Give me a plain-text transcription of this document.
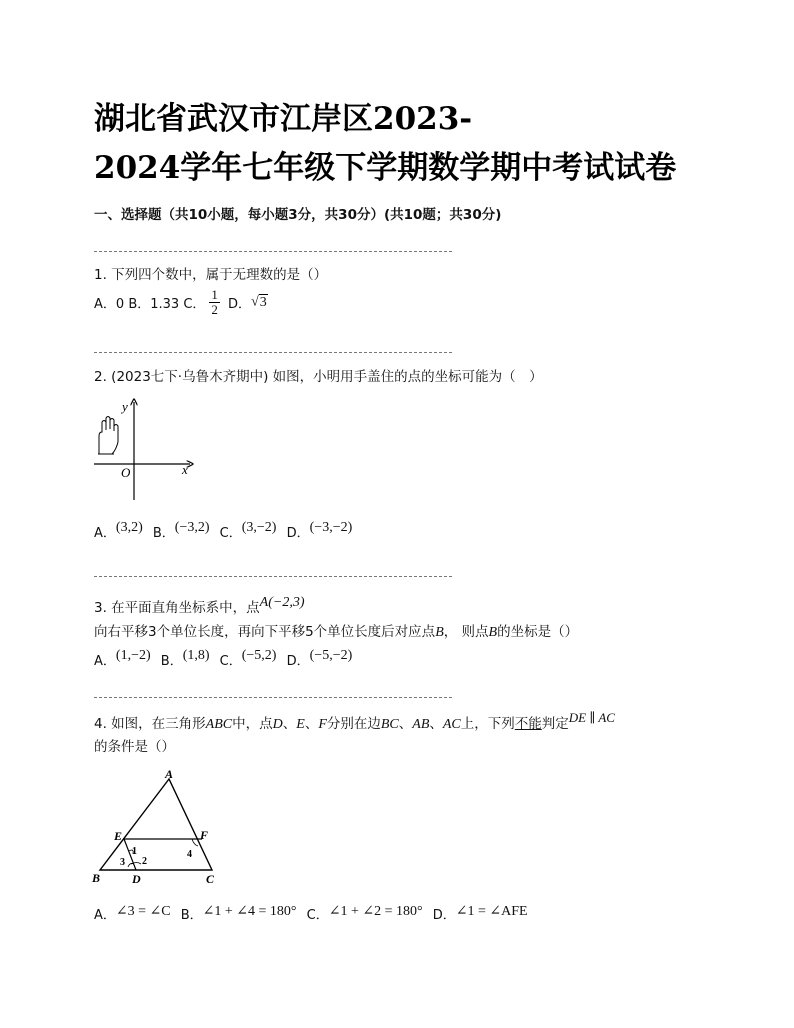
湖北省武汉市江岸区2023-
2024学年七年级下学期数学期中考试试卷
一、选择题（共10小题，每小题3分，共30分）(共10题；共30分)
1. 下列四个数中，属于无理数的是（）
A．0 B．1.33 C． $\frac{1}{2}$ D．√3
2. (2023七下·乌鲁木齐期中) 如图，小明用手盖住的点的坐标可能为（　）
y
x
O
A．(3,2) B．(−3,2) C．(3,−2) D．(−3,−2)
3. 在平面直角坐标系中，点A(−2,3)
向右平移3个单位长度，再向下平移5个单位长度后对应点B， 则点B的坐标是（）
A．(1,−2) B．(1,8) C．(−5,2) D．(−5,−2)
4. 如图，在三角形ABC中，点D、E、F分别在边BC、AB、AC上，下列不能判定DE ∥ AC
的条件是（）
A
E	F
B	D	C
1
2
3
4
A．∠3 = ∠C B．∠1 + ∠4 = 180° C．∠1 + ∠2 = 180° D．∠1 = ∠AFE
